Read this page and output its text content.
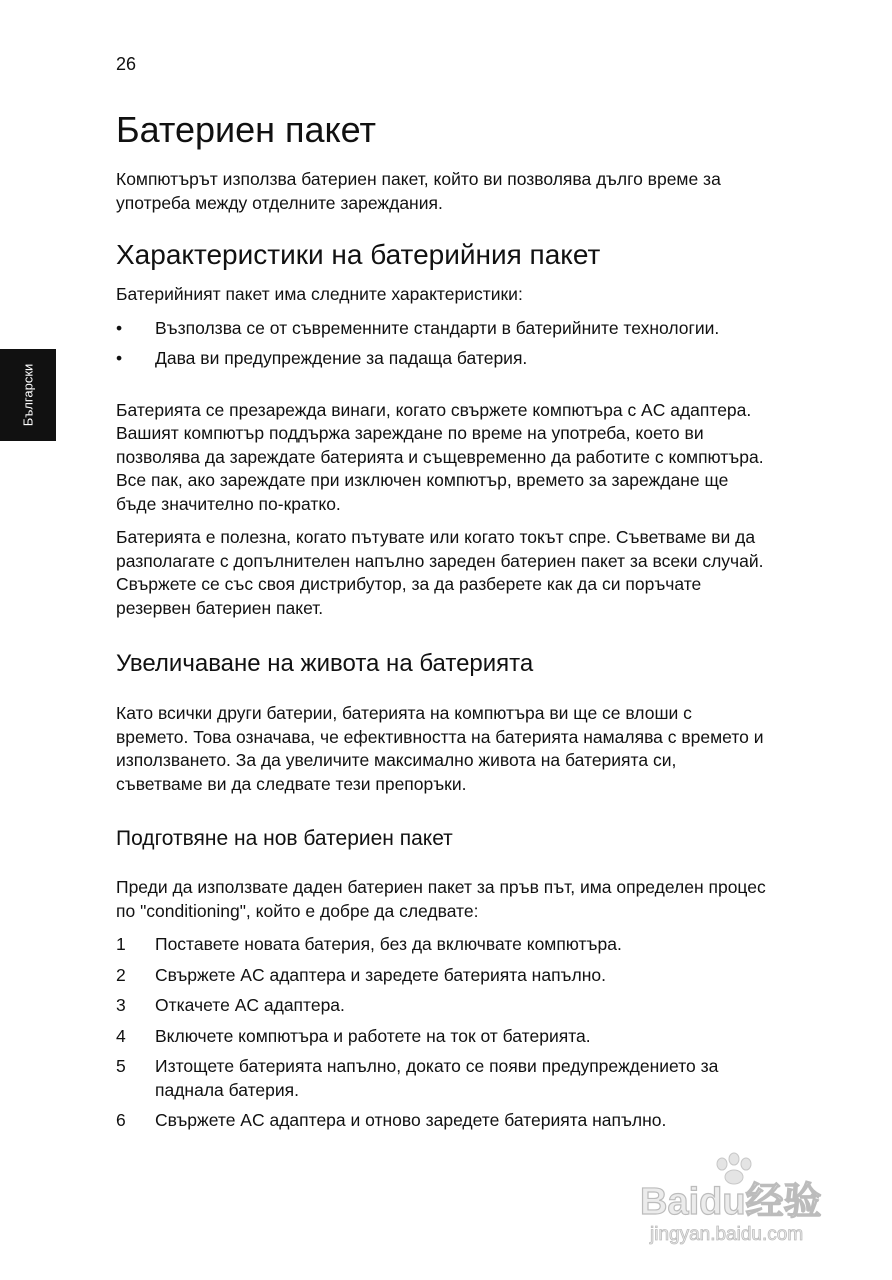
26
Български
Батериен пакет

Компютърът използва батериен пакет, който ви позволява дълго време за употреба между отделните зареждания.

Характеристики на батерийния пакет

Батерийният пакет има следните характеристики:

• Възползва се от съвременните стандарти в батерийните технологии.
• Дава ви предупреждение за падаща батерия.

Батерията се презарежда винаги, когато свържете компютъра с AC адаптера. Вашият компютър поддържа зареждане по време на употреба, което ви позволява да зареждате батерията и същевременно да работите с компютъра. Все пак, ако зареждате при изключен компютър, времето за зареждане ще бъде значително по-кратко.

Батерията е полезна, когато пътувате или когато токът спре. Съветваме ви да разполагате с допълнителен напълно зареден батериен пакет за всеки случай. Свържете се със своя дистрибутор, за да разберете как да си поръчате резервен батериен пакет.

Увеличаване на живота на батерията

Като всички други батерии, батерията на компютъра ви ще се влоши с времето. Това означава, че ефективността на батерията намалява с времето и използването. За да увеличите максимално живота на батерията си, съветваме ви да следвате тези препоръки.

Подготвяне на нов батериен пакет

Преди да използвате даден батериен пакет за пръв път, има определен процес по "conditioning", който е добре да следвате:

1 Поставете новата батерия, без да включвате компютъра.
2 Свържете AC адаптера и заредете батерията напълно.
3 Откачете AC адаптера.
4 Включете компютъра и работете на ток от батерията.
5 Изтощете батерията напълно, докато се появи предупреждението за паднала батерия.
6 Свържете AC адаптера и отново заредете батерията напълно.
Baidu经验
jingyan.baidu.com
